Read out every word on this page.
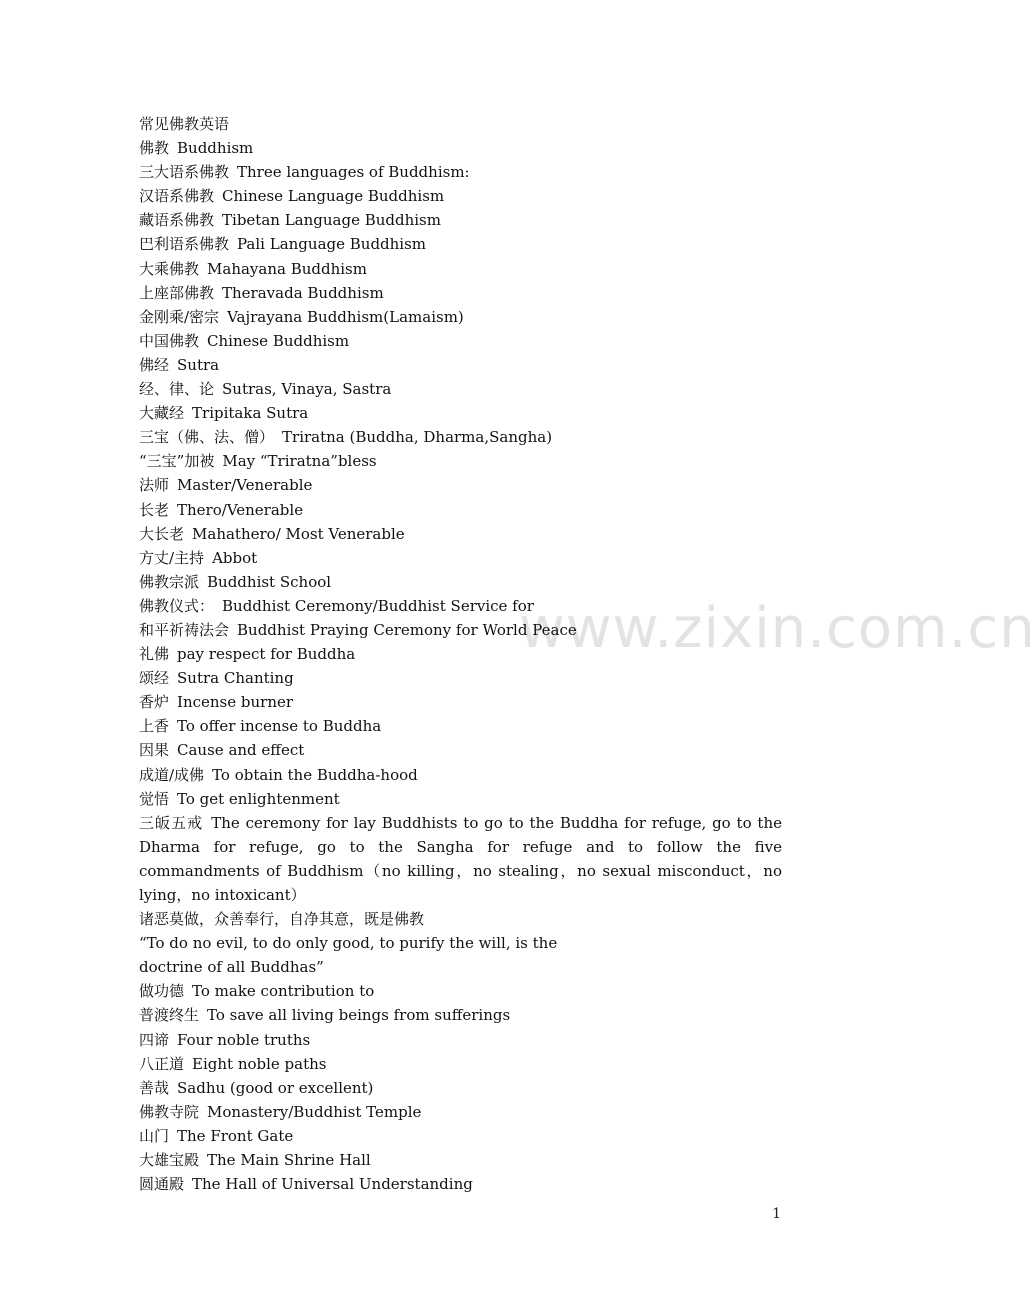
www.zixin.com.cn
常见佛教英语
佛教 Buddhism
三大语系佛教 Three languages of Buddhism:
汉语系佛教 Chinese Language Buddhism
藏语系佛教 Tibetan Language Buddhism
巴利语系佛教 Pali Language Buddhism
大乘佛教 Mahayana Buddhism
上座部佛教 Theravada Buddhism
金刚乘/密宗 Vajrayana Buddhism(Lamaism)
中国佛教 Chinese Buddhism
佛经 Sutra
经、律、论 Sutras, Vinaya, Sastra
大藏经 Tripitaka Sutra
三宝（佛、法、僧） Triratna (Buddha, Dharma,Sangha)
“三宝”加被 May “Triratna”bless
法师 Master/Venerable
长老 Thero/Venerable
大长老 Mahathero/ Most Venerable
方丈/主持 Abbot
佛教宗派 Buddhist School
佛教仪式： Buddhist Ceremony/Buddhist Service for
和平祈祷法会 Buddhist Praying Ceremony for World Peace
礼佛 pay respect for Buddha
颂经 Sutra Chanting
香炉 Incense burner
上香 To offer incense to Buddha
因果 Cause and effect
成道/成佛 To obtain the Buddha-hood
觉悟 To get enlightenment
三皈五戒 The ceremony for lay Buddhists to go to the Buddha for refuge, go to the Dharma for refuge, go to the Sangha for refuge and to follow the five commandments of Buddhism（no killing，no stealing，no sexual misconduct，no lying，no intoxicant）
诸恶莫做，众善奉行，自净其意，既是佛教
“To do no evil, to do only good, to purify the will, is the
doctrine of all Buddhas”
做功德 To make contribution to
普渡终生 To save all living beings from sufferings
四谛 Four noble truths
八正道 Eight noble paths
善哉 Sadhu (good or excellent)
佛教寺院 Monastery/Buddhist Temple
山门 The Front Gate
大雄宝殿 The Main Shrine Hall
圆通殿 The Hall of Universal Understanding
1
